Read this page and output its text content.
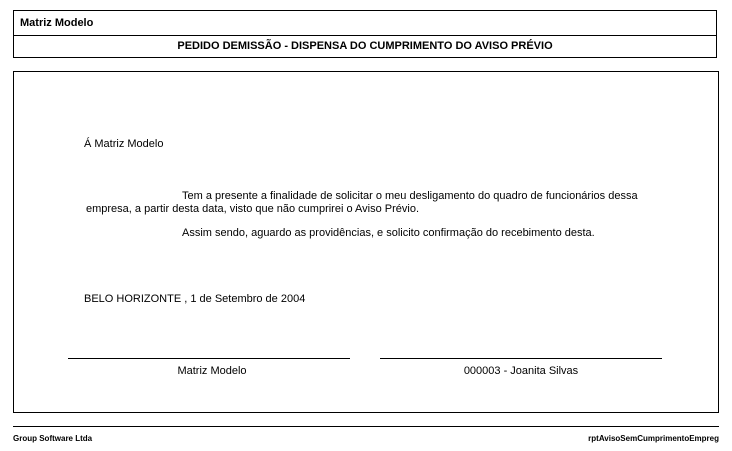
Matriz Modelo
PEDIDO DEMISSÃO - DISPENSA DO CUMPRIMENTO DO AVISO PRÉVIO
Á Matriz Modelo
Tem a presente a finalidade de solicitar o meu desligamento do quadro de funcionários dessa
empresa, a partir desta data, visto que não cumprirei o Aviso Prévio.
Assim sendo, aguardo as providências, e solicito confirmação do recebimento desta.
BELO HORIZONTE , 1 de Setembro de 2004
Matriz Modelo	000003 - Joanita Silvas
Group Software Ltda	rptAvisoSemCumprimentoEmpreg
